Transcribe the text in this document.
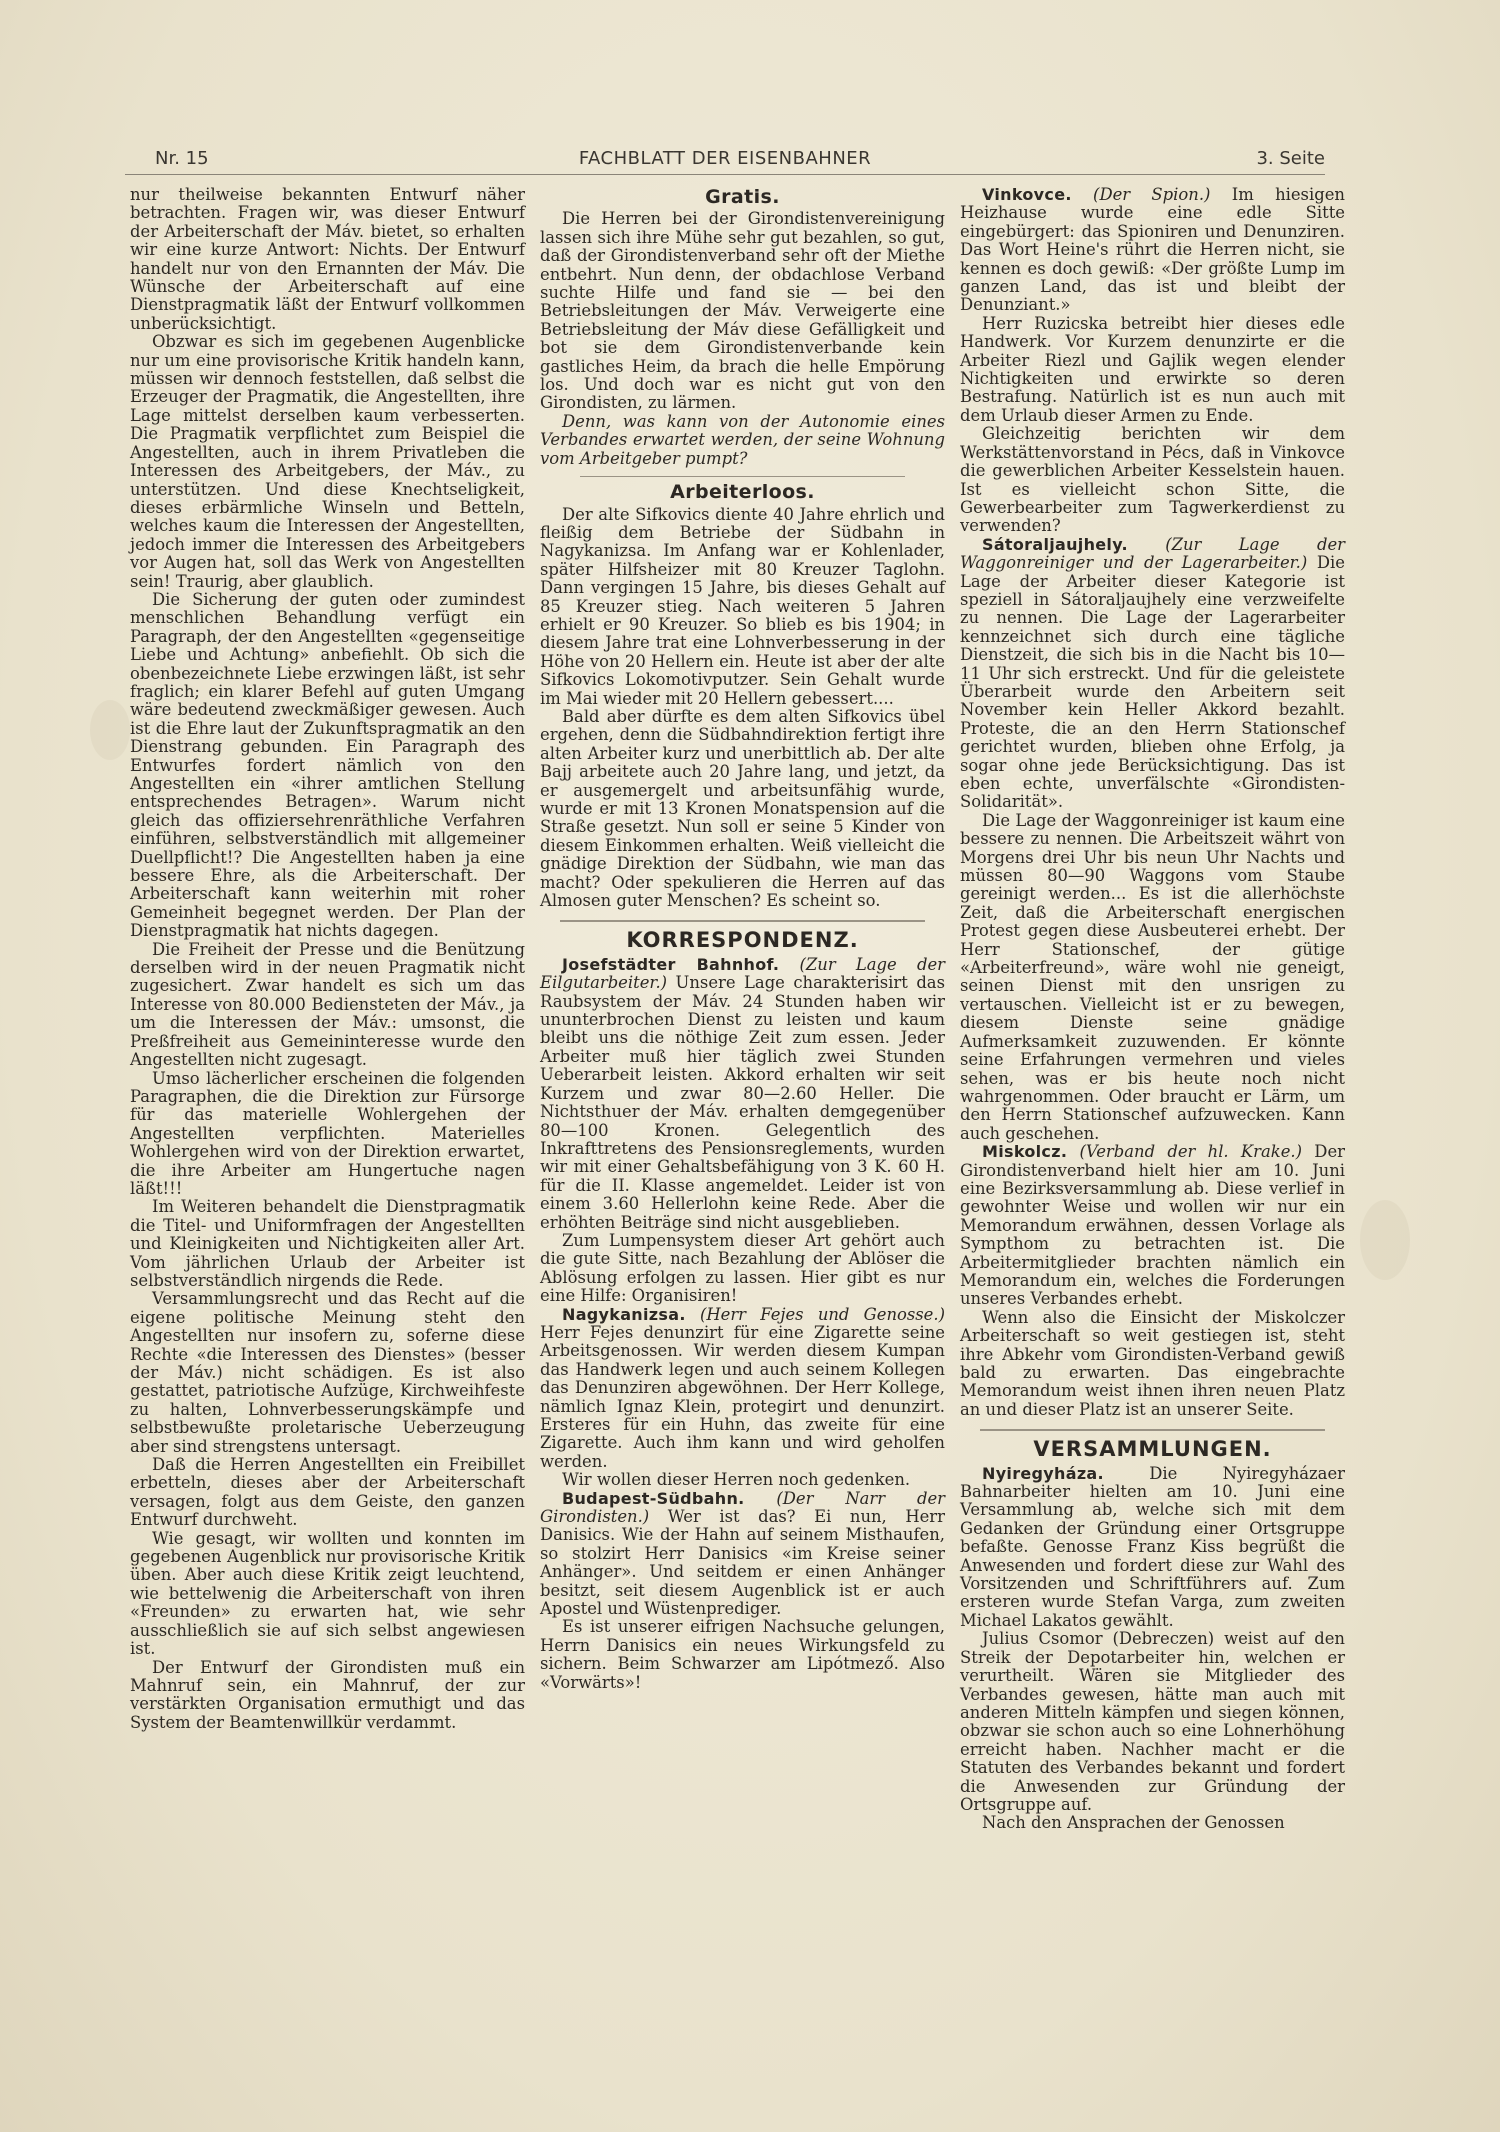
Nr. 15	FACHBLATT DER EISENBAHNER	3. Seite

nur theilweise bekannten Entwurf näher betrachten. Fragen wir, was dieser Entwurf der Arbeiterschaft der Máv. bietet, so erhalten wir eine kurze Antwort: Nichts. Der Entwurf handelt nur von den Ernannten der Máv. Die Wünsche der Arbeiterschaft auf eine Dienstpragmatik läßt der Entwurf vollkommen unberücksichtigt.

Obzwar es sich im gegebenen Augenblicke nur um eine provisorische Kritik handeln kann, müssen wir dennoch feststellen, daß selbst die Erzeuger der Pragmatik, die Angestellten, ihre Lage mittelst derselben kaum verbesserten. Die Pragmatik verpflichtet zum Beispiel die Angestellten, auch in ihrem Privatleben die Interessen des Arbeitgebers, der Máv., zu unterstützen. Und diese Knechtseligkeit, dieses erbärmliche Winseln und Betteln, welches kaum die Interessen der Angestellten, jedoch immer die Interessen des Arbeitgebers vor Augen hat, soll das Werk von Angestellten sein! Traurig, aber glaublich.

Die Sicherung der guten oder zumindest menschlichen Behandlung verfügt ein Paragraph, der den Angestellten «gegenseitige Liebe und Achtung» anbefiehlt. Ob sich die obenbezeichnete Liebe erzwingen läßt, ist sehr fraglich; ein klarer Befehl auf guten Umgang wäre bedeutend zweckmäßiger gewesen. Auch ist die Ehre laut der Zukunftspragmatik an den Dienstrang gebunden. Ein Paragraph des Entwurfes fordert nämlich von den Angestellten ein «ihrer amtlichen Stellung entsprechendes Betragen». Warum nicht gleich das offiziersehrenräthliche Verfahren einführen, selbstverständlich mit allgemeiner Duellpflicht!? Die Angestellten haben ja eine bessere Ehre, als die Arbeiterschaft. Der Arbeiterschaft kann weiterhin mit roher Gemeinheit begegnet werden. Der Plan der Dienstpragmatik hat nichts dagegen.

Die Freiheit der Presse und die Benützung derselben wird in der neuen Pragmatik nicht zugesichert. Zwar handelt es sich um das Interesse von 80.000 Bediensteten der Máv., ja um die Interessen der Máv.: umsonst, die Preßfreiheit aus Gemeininteresse wurde den Angestellten nicht zugesagt.

Umso lächerlicher erscheinen die folgenden Paragraphen, die die Direktion zur Fürsorge für das materielle Wohlergehen der Angestellten verpflichten. Materielles Wohlergehen wird von der Direktion erwartet, die ihre Arbeiter am Hungertuche nagen läßt!!!

Im Weiteren behandelt die Dienstpragmatik die Titel- und Uniformfragen der Angestellten und Kleinigkeiten und Nichtigkeiten aller Art. Vom jährlichen Urlaub der Arbeiter ist selbstverständlich nirgends die Rede.

Versammlungsrecht und das Recht auf die eigene politische Meinung steht den Angestellten nur insofern zu, soferne diese Rechte «die Interessen des Dienstes» (besser der Máv.) nicht schädigen. Es ist also gestattet, patriotische Aufzüge, Kirchweihfeste zu halten, Lohnverbesserungskämpfe und selbstbewußte proletarische Ueberzeugung aber sind strengstens untersagt.

Daß die Herren Angestellten ein Freibillet erbetteln, dieses aber der Arbeiterschaft versagen, folgt aus dem Geiste, den ganzen Entwurf durchweht.

Wie gesagt, wir wollten und konnten im gegebenen Augenblick nur provisorische Kritik üben. Aber auch diese Kritik zeigt leuchtend, wie bettelwenig die Arbeiterschaft von ihren «Freunden» zu erwarten hat, wie sehr ausschließlich sie auf sich selbst angewiesen ist.

Der Entwurf der Girondisten muß ein Mahnruf sein, ein Mahnruf, der zur verstärkten Organisation ermuthigt und das System der Beamtenwillkür verdammt.

Gratis.

Die Herren bei der Girondistenvereinigung lassen sich ihre Mühe sehr gut bezahlen, so gut, daß der Girondistenverband sehr oft der Miethe entbehrt. Nun denn, der obdachlose Verband suchte Hilfe und fand sie — bei den Betriebsleitungen der Máv. Verweigerte eine Betriebsleitung der Máv diese Gefälligkeit und bot sie dem Girondistenverbande kein gastliches Heim, da brach die helle Empörung los. Und doch war es nicht gut von den Girondisten, zu lärmen.

Denn, was kann von der Autonomie eines Verbandes erwartet werden, der seine Wohnung vom Arbeitgeber pumpt?

Arbeiterloos.

Der alte Sifkovics diente 40 Jahre ehrlich und fleißig dem Betriebe der Südbahn in Nagykanizsa. Im Anfang war er Kohlenlader, später Hilfsheizer mit 80 Kreuzer Taglohn. Dann vergingen 15 Jahre, bis dieses Gehalt auf 85 Kreuzer stieg. Nach weiteren 5 Jahren erhielt er 90 Kreuzer. So blieb es bis 1904; in diesem Jahre trat eine Lohnverbesserung in der Höhe von 20 Hellern ein. Heute ist aber der alte Sifkovics Lokomotivputzer. Sein Gehalt wurde im Mai wieder mit 20 Hellern gebessert....

Bald aber dürfte es dem alten Sifkovics übel ergehen, denn die Südbahndirektion fertigt ihre alten Arbeiter kurz und unerbittlich ab. Der alte Bajj arbeitete auch 20 Jahre lang, und jetzt, da er ausgemergelt und arbeitsunfähig wurde, wurde er mit 13 Kronen Monatspension auf die Straße gesetzt. Nun soll er seine 5 Kinder von diesem Einkommen erhalten. Weiß vielleicht die gnädige Direktion der Südbahn, wie man das macht? Oder spekulieren die Herren auf das Almosen guter Menschen? Es scheint so.

KORRESPONDENZ.

Josefstädter Bahnhof. (Zur Lage der Eilgutarbeiter.) Unsere Lage charakterisirt das Raubsystem der Máv. 24 Stunden haben wir ununterbrochen Dienst zu leisten und kaum bleibt uns die nöthige Zeit zum essen. Jeder Arbeiter muß hier täglich zwei Stunden Ueberarbeit leisten. Akkord erhalten wir seit Kurzem und zwar 80—2.60 Heller. Die Nichtsthuer der Máv. erhalten demgegenüber 80—100 Kronen. Gelegentlich des Inkrafttretens des Pensionsreglements, wurden wir mit einer Gehaltsbefähigung von 3 K. 60 H. für die II. Klasse angemeldet. Leider ist von einem 3.60 Hellerlohn keine Rede. Aber die erhöhten Beiträge sind nicht ausgeblieben.

Zum Lumpensystem dieser Art gehört auch die gute Sitte, nach Bezahlung der Ablöser die Ablösung erfolgen zu lassen. Hier gibt es nur eine Hilfe: Organisiren!

Nagykanizsa. (Herr Fejes und Genosse.) Herr Fejes denunzirt für eine Zigarette seine Arbeitsgenossen. Wir werden diesem Kumpan das Handwerk legen und auch seinem Kollegen das Denunziren abgewöhnen. Der Herr Kollege, nämlich Ignaz Klein, protegirt und denunzirt. Ersteres für ein Huhn, das zweite für eine Zigarette. Auch ihm kann und wird geholfen werden.

Wir wollen dieser Herren noch gedenken.

Budapest-Südbahn. (Der Narr der Girondisten.) Wer ist das? Ei nun, Herr Danisics. Wie der Hahn auf seinem Misthaufen, so stolzirt Herr Danisics «im Kreise seiner Anhänger». Und seitdem er einen Anhänger besitzt, seit diesem Augenblick ist er auch Apostel und Wüstenprediger.

Es ist unserer eifrigen Nachsuche gelungen, Herrn Danisics ein neues Wirkungsfeld zu sichern. Beim Schwarzer am Lipótmező. Also «Vorwärts»!

Vinkovce. (Der Spion.) Im hiesigen Heizhause wurde eine edle Sitte eingebürgert: das Spioniren und Denunziren. Das Wort Heine's rührt die Herren nicht, sie kennen es doch gewiß: «Der größte Lump im ganzen Land, das ist und bleibt der Denunziant.»

Herr Ruzicska betreibt hier dieses edle Handwerk. Vor Kurzem denunzirte er die Arbeiter Riezl und Gajlik wegen elender Nichtigkeiten und erwirkte so deren Bestrafung. Natürlich ist es nun auch mit dem Urlaub dieser Armen zu Ende.

Gleichzeitig berichten wir dem Werkstättenvorstand in Pécs, daß in Vinkovce die gewerblichen Arbeiter Kesselstein hauen. Ist es vielleicht schon Sitte, die Gewerbearbeiter zum Tagwerkerdienst zu verwenden?

Sátoraljaujhely. (Zur Lage der Waggonreiniger und der Lagerarbeiter.) Die Lage der Arbeiter dieser Kategorie ist speziell in Sátoraljaujhely eine verzweifelte zu nennen. Die Lage der Lagerarbeiter kennzeichnet sich durch eine tägliche Dienstzeit, die sich bis in die Nacht bis 10—11 Uhr sich erstreckt. Und für die geleistete Überarbeit wurde den Arbeitern seit November kein Heller Akkord bezahlt. Proteste, die an den Herrn Stationschef gerichtet wurden, blieben ohne Erfolg, ja sogar ohne jede Berücksichtigung. Das ist eben echte, unverfälschte «Girondisten-Solidarität».

Die Lage der Waggonreiniger ist kaum eine bessere zu nennen. Die Arbeitszeit währt von Morgens drei Uhr bis neun Uhr Nachts und müssen 80—90 Waggons vom Staube gereinigt werden... Es ist die allerhöchste Zeit, daß die Arbeiterschaft energischen Protest gegen diese Ausbeuterei erhebt. Der Herr Stationschef, der gütige «Arbeiterfreund», wäre wohl nie geneigt, seinen Dienst mit den unsrigen zu vertauschen. Vielleicht ist er zu bewegen, diesem Dienste seine gnädige Aufmerksamkeit zuzuwenden. Er könnte seine Erfahrungen vermehren und vieles sehen, was er bis heute noch nicht wahrgenommen. Oder braucht er Lärm, um den Herrn Stationschef aufzuwecken. Kann auch geschehen.

Miskolcz. (Verband der hl. Krake.) Der Girondistenverband hielt hier am 10. Juni eine Bezirksversammlung ab. Diese verlief in gewohnter Weise und wollen wir nur ein Memorandum erwähnen, dessen Vorlage als Sympthom zu betrachten ist. Die Arbeitermitglieder brachten nämlich ein Memorandum ein, welches die Forderungen unseres Verbandes erhebt.

Wenn also die Einsicht der Miskolczer Arbeiterschaft so weit gestiegen ist, steht ihre Abkehr vom Girondisten-Verband gewiß bald zu erwarten. Das eingebrachte Memorandum weist ihnen ihren neuen Platz an und dieser Platz ist an unserer Seite.

VERSAMMLUNGEN.

Nyiregyháza.	Die Nyiregyházaer Bahnarbeiter hielten am 10. Juni eine Versammlung ab, welche sich mit dem Gedanken der Gründung einer Ortsgruppe befaßte. Genosse Franz Kiss begrüßt die Anwesenden und fordert diese zur Wahl des Vorsitzenden und Schriftführers auf. Zum ersteren wurde Stefan Varga, zum zweiten Michael Lakatos gewählt.

Julius Csomor (Debreczen) weist auf den Streik der Depotarbeiter hin, welchen er verurtheilt. Wären sie Mitglieder des Verbandes gewesen, hätte man auch mit anderen Mitteln kämpfen und siegen können, obzwar sie schon auch so eine Lohnerhöhung erreicht haben. Nachher macht er die Statuten des Verbandes bekannt und fordert die Anwesenden zur Gründung der Ortsgruppe auf.

Nach den Ansprachen der Genossen
